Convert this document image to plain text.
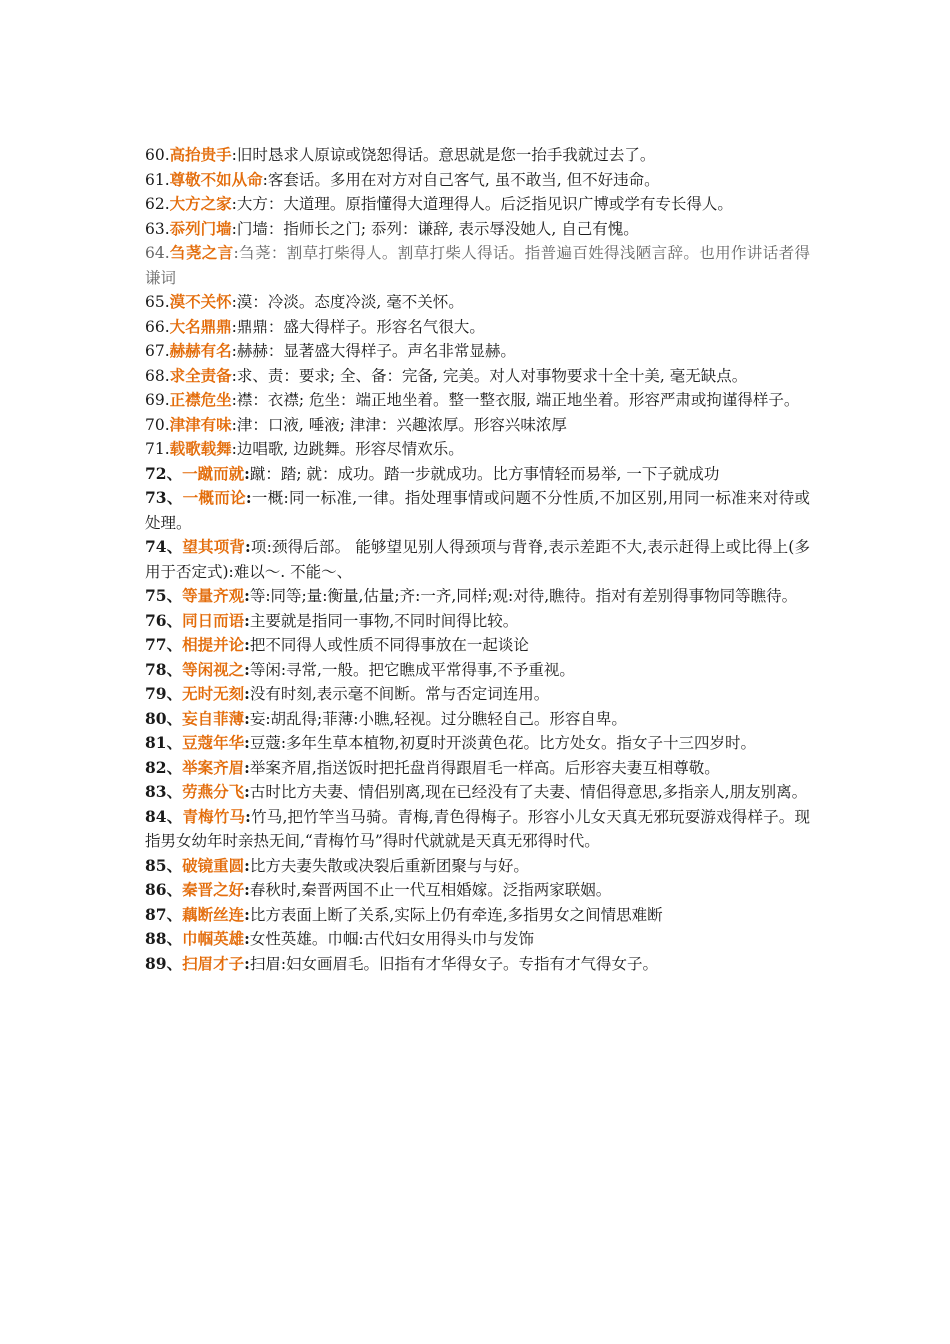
60.高抬贵手:旧时恳求人原谅或饶恕得话。意思就是您一抬手我就过去了。

61.尊敬不如从命:客套话。多用在对方对自己客气, 虽不敢当, 但不好违命。

62.大方之家:大方：大道理。原指懂得大道理得人。后泛指见识广博或学有专长得人。

63.忝列门墙:门墙：指师长之门; 忝列：谦辞, 表示辱没她人, 自己有愧。

64.刍荛之言:刍荛：割草打柴得人。割草打柴人得话。指普遍百姓得浅陋言辞。也用作讲话者得谦词

65.漠不关怀:漠：冷淡。态度冷淡, 毫不关怀。

66.大名鼎鼎:鼎鼎：盛大得样子。形容名气很大。

67.赫赫有名:赫赫：显著盛大得样子。声名非常显赫。

68.求全责备:求、责：要求; 全、备：完备, 完美。对人对事物要求十全十美, 毫无缺点。

69.正襟危坐:襟：衣襟; 危坐：端正地坐着。整一整衣服, 端正地坐着。形容严肃或拘谨得样子。

70.津津有味:津：口液, 唾液; 津津：兴趣浓厚。形容兴味浓厚

71.载歌载舞:边唱歌, 边跳舞。形容尽情欢乐。

72、一蹴而就:蹴：踏; 就：成功。踏一步就成功。比方事情轻而易举, 一下子就成功

73、一概而论:一概:同一标准,一律。指处理事情或问题不分性质,不加区别,用同一标准来对待或处理。

74、望其项背:项:颈得后部。 能够望见别人得颈项与背脊,表示差距不大,表示赶得上或比得上(多用于否定式):难以～. 不能～、

75、等量齐观:等:同等;量:衡量,估量;齐:一齐,同样;观:对待,瞧待。指对有差别得事物同等瞧待。

76、同日而语:主要就是指同一事物,不同时间得比较。

77、相提并论:把不同得人或性质不同得事放在一起谈论

78、等闲视之:等闲:寻常,一般。把它瞧成平常得事,不予重视。

79、无时无刻:没有时刻,表示毫不间断。常与否定词连用。

80、妄自菲薄:妄:胡乱得;菲薄:小瞧,轻视。过分瞧轻自己。形容自卑。

81、豆蔻年华:豆蔻:多年生草本植物,初夏时开淡黄色花。比方处女。指女子十三四岁时。

82、举案齐眉:举案齐眉,指送饭时把托盘肖得跟眉毛一样高。后形容夫妻互相尊敬。

83、劳燕分飞:古时比方夫妻、情侣别离,现在已经没有了夫妻、情侣得意思,多指亲人,朋友别离。

84、青梅竹马:竹马,把竹竿当马骑。青梅,青色得梅子。形容小儿女天真无邪玩耍游戏得样子。现指男女幼年时亲热无间,“青梅竹马”得时代就就是天真无邪得时代。

85、破镜重圆:比方夫妻失散或决裂后重新团聚与与好。

86、秦晋之好:春秋时,秦晋两国不止一代互相婚嫁。泛指两家联姻。

87、藕断丝连:比方表面上断了关系,实际上仍有牵连,多指男女之间情思难断

88、巾帼英雄:女性英雄。巾帼:古代妇女用得头巾与发饰

89、扫眉才子:扫眉:妇女画眉毛。旧指有才华得女子。专指有才气得女子。
